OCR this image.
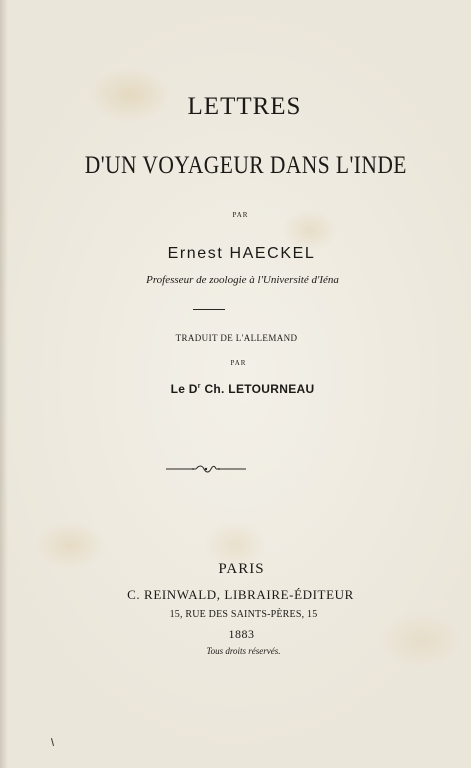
LETTRES
D'UN VOYAGEUR DANS L'INDE
PAR
Ernest HAECKEL
Professeur de zoologie à l'Université d'Iéna
TRADUIT DE L'ALLEMAND
PAR
Le $D^r$ Ch. LETOURNEAU
PARIS
C. REINWALD, LIBRAIRE-ÉDITEUR
15, RUE DES SAINTS-PÈRES, 15
1883
Tous droits réservés.
